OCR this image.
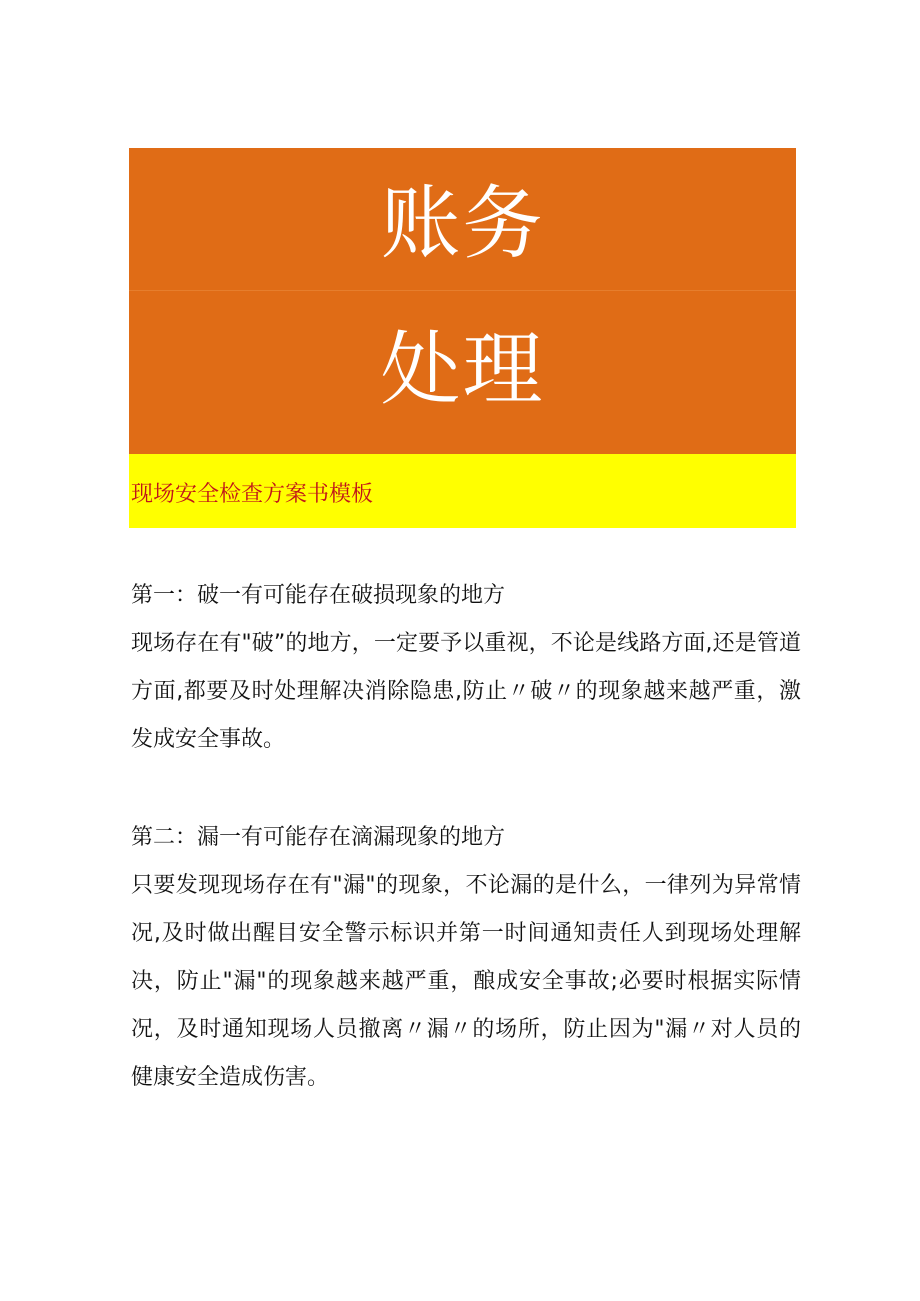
账务
处理
现场安全检查方案书模板
第一：破一有可能存在破损现象的地方

现场存在有"破”的地方，一定要予以重视，不论是线路方面,还是管道方面,都要及时处理解决消除隐患,防止〃破〃的现象越来越严重，激发成安全事故。

第二：漏一有可能存在滴漏现象的地方

只要发现现场存在有"漏"的现象，不论漏的是什么，一律列为异常情况,及时做出醒目安全警示标识并第一时间通知责任人到现场处理解决，防止"漏"的现象越来越严重，酿成安全事故;必要时根据实际情况，及时通知现场人员撤离〃漏〃的场所，防止因为"漏〃对人员的健康安全造成伤害。
